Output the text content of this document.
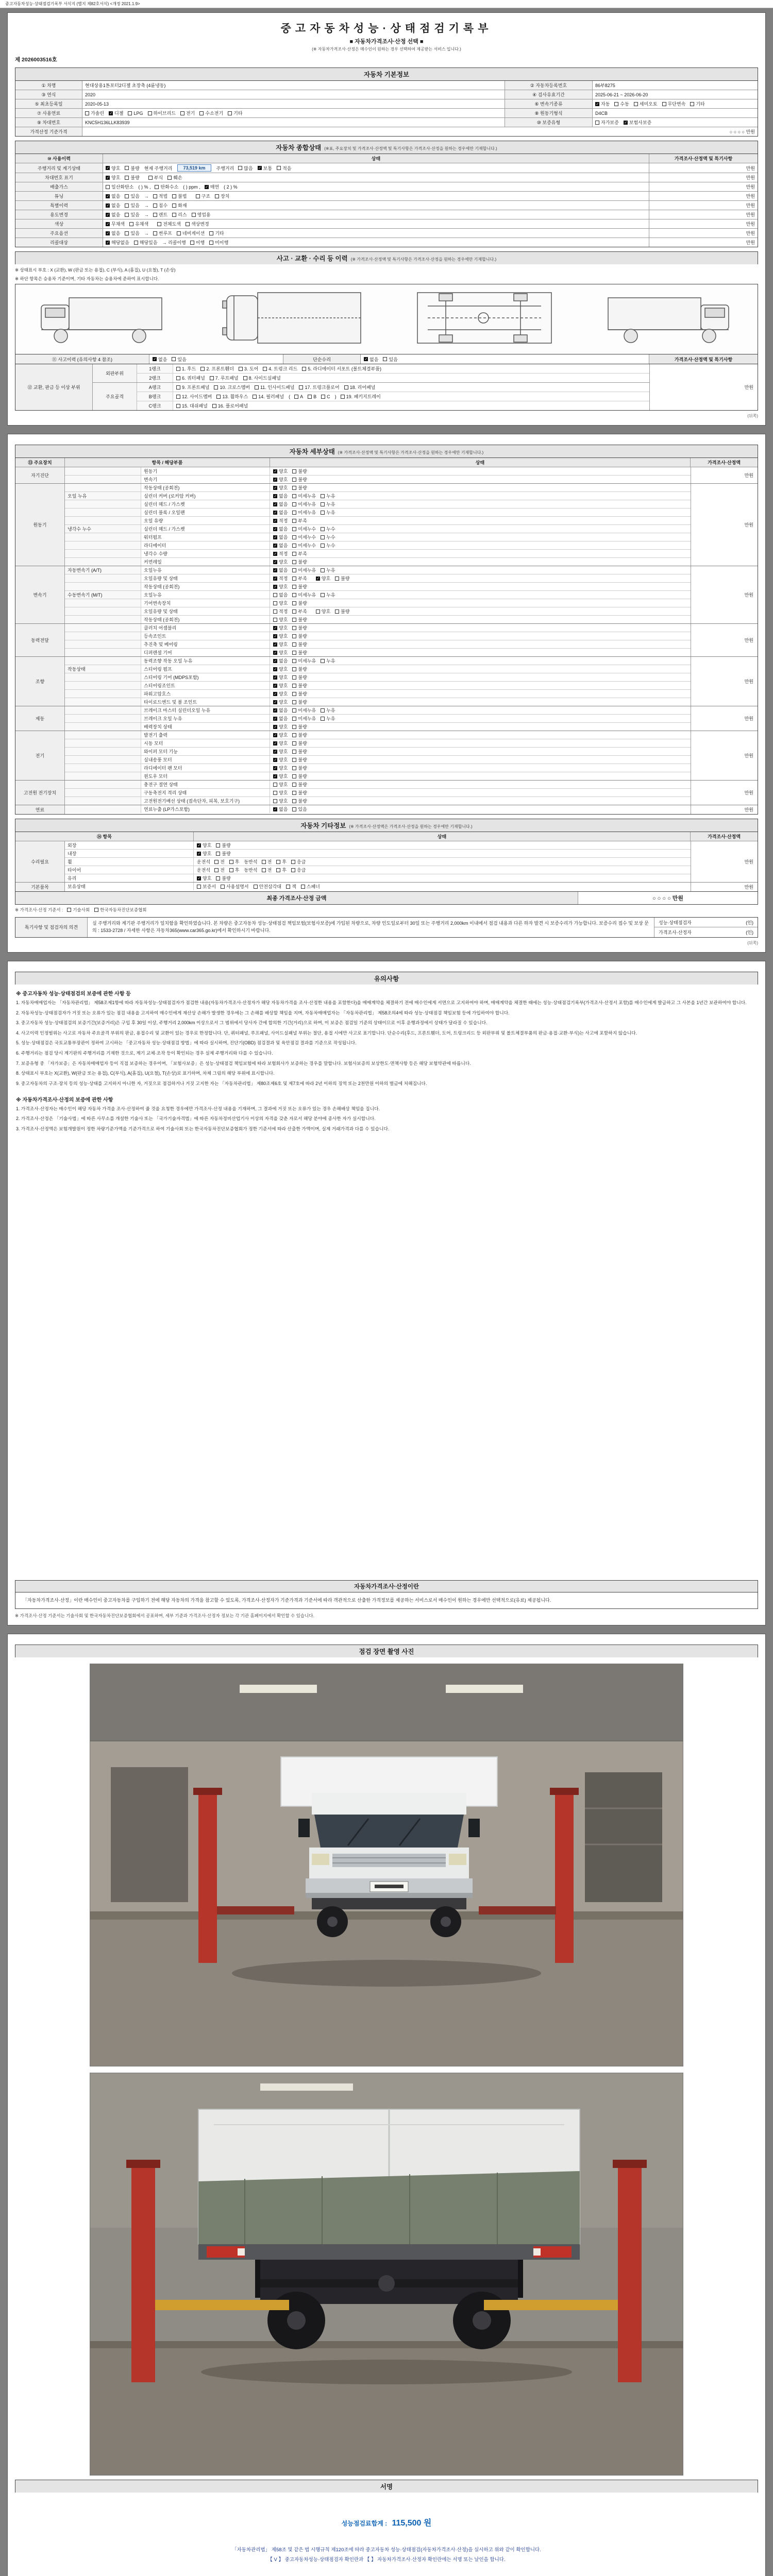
중고자동차성능·상태점검기록부 서식지 (별지 제82호서식) <개정 2021.1.9>
중고자동차성능·상태점검기록부
■ 자동차가격조사·산정 선택 ■
(※ 자동차가격조사·산정은 매수인이 원하는 경우 선택하여 제공받는 서비스 입니다.)
제 2026003516호
자동차 기본정보
① 차명	현대상용1톤포터2디젤 초장축 (4륜냉동)	② 자동차등록번호	86부8275
③ 연식	2020	④ 검사유효기간	2025-06-21 ~ 2026-06-20
⑤ 최초등록일	2020-05-13	⑥ 변속기종류 ✓	자동 수동 세미오토 무단변속 기타
⑦ 사용연료	가솔린 ✓ 디젤 LPG 하이브리드 전기 수소전기 기타	⑧ 원동기형식	D4CB
⑨ 차대번호	KNC5H136LLK83939	⑩ 보증유형	자가보증 ✓ 보험사보증
가격산정 기준가격	○ ○ ○ ○ 만원
자동차 종합상태 (※표, 주요장치 및 가격조사·산정액 및 특기사항은 가격조사·산정을 원하는 경우에만 기재합니다.)
⑩ 사용이력	상태	가격조사·산정액 및 특기사항
주행거리 및 계기상태 ✓	양호 불량 현재 주행거리	73,519 km	주행거리 많음 ✓ 보통 적음	만원
차대번호 표기 ✓	양호 불량	부식 훼손	만원
배출가스	일산화탄소 ( ) % , 탄화수소 ( ) ppm , ✓ 매연 ( 2 ) %	만원
튜닝 ✓	없음 있음 → 적법 불법	구조 장치	만원
특별이력 ✓	없음 있음 → 침수 화재	만원
용도변경 ✓	없음 있음 → 렌트 리스 영업용	만원
색상 ✓	무채색 유채색	전체도색 색상변경	만원
주요옵션 ✓	없음 있음 → 썬루프 네비게이션 기타	만원
리콜대상 ✓	해당없음 해당있음 → 리콜이행 이행 미이행	만원
사고 · 교환 · 수리 등 이력 (※ 가격조사·산정액 및 특기사항은 가격조사·산정을 원하는 경우에만 기재합니다.)
※ 상태표시 부호 : X (교환), W (판금 또는 용접), C (부식), A (흠집), U (요철), T (손상)
※ 하단 항목은 승용차 기준이며, 기타 자동차는 승용차에 준하여 표시합니다.
⑪ 사고이력 (유의사항 4 참조) ✓	없음 있음	단순수리 ✓	없음 있음	가격조사·산정액 및 특기사항
⑫ 교환, 판금 등 이상 부위
외판부위
1랭크	1. 후드 2. 프론트휀더 3. 도어 4. 트렁크 리드 5. 라디에이터 서포트 (볼트체결부품)
2랭크	6. 쿼터패널 7. 루프패널 8. 사이드실패널
주요골격
A랭크	9. 프론트패널 10. 크로스멤버 11. 인사이드패널 17. 트렁크플로어 18. 리어패널
B랭크	12. 사이드멤버 13. 휠하우스 14. 필러패널 ( A B C ) 19. 패키지트레이
C랭크	15. 대쉬패널 16. 플로어패널
만원
(뒤쪽)
자동차 세부상태 (※ 가격조사·산정액 및 특기사항은 가격조사·산정을 원하는 경우에만 기재합니다.)
⑬ 주요장치	항목 / 해당부품	상태	가격조사·산정액
자기진단
원동기 ✓	양호 불량
변속기 ✓	양호 불량
만원
원동기
작동상태 (공회전) ✓	양호 불량
오일 누유	실린더 커버 (로커암 커버) ✓	없음 미세누유 누유
실린더 헤드 / 가스켓 ✓	없음 미세누유 누유
실린더 블록 / 오일팬 ✓	없음 미세누유 누유
오일 유량 ✓	적정 부족
냉각수 누수	실린더 헤드 / 가스켓 ✓	없음 미세누수 누수
워터펌프 ✓	없음 미세누수 누수
라디에이터 ✓	없음 미세누수 누수
냉각수 수량 ✓	적정 부족
커먼레일 ✓	양호 불량
만원
변속기
자동변속기 (A/T)	오일누유 ✓	없음 미세누유 누유
오일유량 및 상태 ✓	적정 부족 ✓	양호 불량
작동상태 (공회전) ✓	양호 불량
수동변속기 (M/T)	오일누유	없음 미세누유 누유
기어변속장치	양호 불량
오일유량 및 상태	적정 부족	양호 불량
작동상태 (공회전)	양호 불량
만원
동력전달
클러치 어셈블리 ✓	양호 불량
등속조인트 ✓	양호 불량
추진축 및 베어링 ✓	양호 불량
디퍼렌셜 기어 ✓	양호 불량
만원
조향
동력조향 작동 오일 누유 ✓	없음 미세누유 누유
작동상태	스티어링 펌프 ✓	양호 불량
스티어링 기어 (MDPS포함) ✓	양호 불량
스티어링조인트 ✓	양호 불량
파워고압호스 ✓	양호 불량
타이로드엔드 및 볼 조인트 ✓	양호 불량
만원
제동
브레이크 마스터 실린더오일 누유 ✓	없음 미세누유 누유
브레이크 오일 누유 ✓	없음 미세누유 누유
배력장치 상태 ✓	양호 불량
만원
전기
발전기 출력 ✓	양호 불량
시동 모터 ✓	양호 불량
와이퍼 모터 기능 ✓	양호 불량
실내송풍 모터 ✓	양호 불량
라디에이터 팬 모터 ✓	양호 불량
윈도우 모터 ✓	양호 불량
만원
고전원 전기장치
충전구 절연 상태	양호 불량
구동축전지 격리 상태	양호 불량
고전원전기배선 상태 (접속단자, 피복, 보호기구)	양호 불량
만원
연료	연료누출 (LP가스포함) ✓	없음 있음	만원
자동차 기타정보 (※ 가격조사·산정액은 가격조사·산정을 원하는 경우에만 기재합니다.)
⑭ 항목	상태	가격조사·산정액
수리필요
외장 ✓	양호 불량
내장 ✓	양호 불량
휠	운전석 전 후 동반석 전 후 응급
타이어	운전석 전 후 동반석 전 후 응급
유리 ✓	양호 불량
만원
기본품목	보유상태	보증서 사용설명서 안전삼각대 잭 스패너	만원
최종 가격조사·산정 금액	○ ○ ○ ○ 만원
※ 가격조사·산정 기준서 : 기술사회 한국자동차진단보증협회
특기사항 및 점검자의 의견
실 주행거리와 계기판 주행거리가 일치함을 확인하였습니다. 본 차량은 중고자동차 성능·상태점검 책임보험(보험사보증)에 가입된 차량으로, 차량 인도일로부터 30일 또는 주행거리 2,000km 이내에서 점검 내용과 다른 하자 발견 시 보증수리가 가능합니다. 보증수리 접수 및 보상 문의 : 1533-2728 / 자세한 사항은 자동차365(www.car365.go.kr)에서 확인하시기 바랍니다.
성능·상태점검자	(인)
가격조사·산정자	(인)
(뒤쪽)
유의사항
※ 중고자동차 성능·상태점검의 보증에 관한 사항 등
1. 자동차매매업자는 「자동차관리법」 제58조제1항에 따라 자동차성능·상태점검자가 점검한 내용(자동차가격조사·산정자가 해당 자동차가격을 조사·산정한 내용을 포함한다)을 매매계약을 체결하기 전에 매수인에게 서면으로 고지하여야 하며, 매매계약을 체결한 때에는 성능·상태점검기록부(가격조사·산정서 포함)를 매수인에게 발급하고 그 사본을 1년간 보관하여야 합니다.
2. 자동차성능·상태점검자가 거짓 또는 오류가 있는 점검 내용을 고지하여 매수인에게 재산상 손해가 발생한 경우에는 그 손해를 배상할 책임을 지며, 자동차매매업자는 「자동차관리법」 제58조의4에 따라 성능·상태점검 책임보험 등에 가입하여야 합니다.
3. 중고자동차 성능·상태점검의 보증기간(보증거리)은 구입 후 30일 이상, 주행거리 2,000km 이상으로서 그 범위에서 당사자 간에 합의한 기간(거리)으로 하며, 이 보증은 점검일 기준의 상태이므로 이후 운행과정에서 상태가 달라질 수 있습니다.
4. 사고이력 인정범위는 사고로 자동차 주요골격 부위의 판금, 용접수리 및 교환이 있는 경우로 한정합니다. 단, 쿼터패널, 루프패널, 사이드실패널 부위는 절단, 용접 시에만 사고로 표기합니다. 단순수리(후드, 프론트휀더, 도어, 트렁크리드 등 외판부위 및 볼트체결부품의 판금·용접·교환·부식)는 사고에 포함하지 않습니다.
5. 성능·상태점검은 국토교통부장관이 정하여 고시하는 「중고자동차 성능·상태점검 방법」에 따라 실시하며, 진단기(OBD) 점검결과 및 육안점검 결과를 기준으로 작성됩니다.
6. 주행거리는 점검 당시 계기판의 주행거리를 기재한 것으로, 계기 교체·조작 등이 확인되는 경우 실제 주행거리와 다를 수 있습니다.
7. 보증유형 중 「자가보증」은 자동차매매업자 등이 직접 보증하는 경우이며, 「보험사보증」은 성능·상태점검 책임보험에 따라 보험회사가 보증하는 경우를 말합니다. 보험사보증의 보상한도·면책사항 등은 해당 보험약관에 따릅니다.
8. 상태표시 부호는 X(교환), W(판금 또는 용접), C(부식), A(흠집), U(요철), T(손상)로 표기하며, 차체 그림의 해당 부위에 표시합니다.
9. 중고자동차의 구조·장치 등의 성능·상태를 고지하지 아니한 자, 거짓으로 점검하거나 거짓 고지한 자는 「자동차관리법」 제80조제6호 및 제7호에 따라 2년 이하의 징역 또는 2천만원 이하의 벌금에 처해집니다.
※ 자동차가격조사·산정의 보증에 관한 사항
1. 가격조사·산정자는 매수인이 해당 자동차 가격을 조사·산정하여 줄 것을 요청한 경우에만 가격조사·산정 내용을 기재하며, 그 결과에 거짓 또는 오류가 있는 경우 손해배상 책임을 집니다.
2. 가격조사·산정은 「기술사법」에 따른 사무소를 개설한 기술사 또는 「국가기술자격법」에 따른 자동차정비산업기사 이상의 자격을 갖춘 자로서 해당 분야에 종사한 자가 실시합니다.
3. 가격조사·산정액은 보험개발원이 정한 차량기준가액을 기준가격으로 하여 기술사회 또는 한국자동차진단보증협회가 정한 기준서에 따라 산출한 가액이며, 실제 거래가격과 다를 수 있습니다.
자동차가격조사·산정이란
「자동차가격조사·산정」이란 매수인이 중고자동차를 구입하기 전에 해당 자동차의 가격을 참고할 수 있도록, 가격조사·산정자가 기준가격과 기준서에 따라 객관적으로 산출한 가격정보를 제공하는 서비스로서 매수인이 원하는 경우에만 선택적으로(유료) 제공됩니다.
※ 가격조사·산정 기준서는 기술사회 및 한국자동차진단보증협회에서 공표하며, 세부 기준과 가격조사·산정자 정보는 각 기관 홈페이지에서 확인할 수 있습니다.
점검 장면 촬영 사진
서명
성능점검료합계 : 115,500 원
「자동차관리법」 제58조 및 같은 법 시행규칙 제120조에 따라 중고자동차 성능·상태점검(자동차가격조사·산정)을 실시하고 위와 같이 확인합니다.
【 V 】 중고자동차성능·상태점검자 확인란과 【 】 자동차가격조사·산정자 확인란에는 서명 또는 날인을 합니다.
